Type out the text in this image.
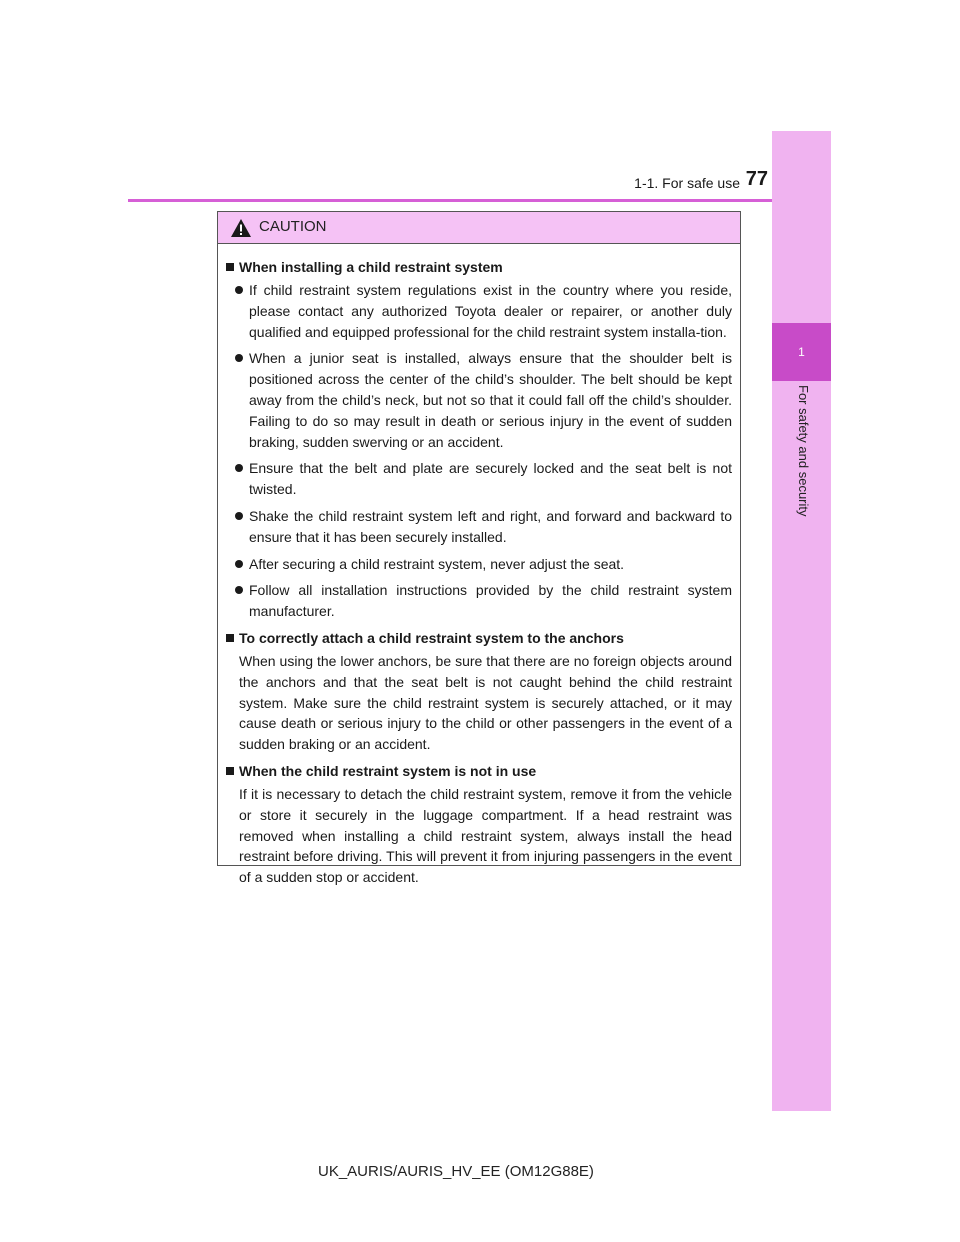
1-1. For safe use 77
1
For safety and security
CAUTION
When installing a child restraint system
If child restraint system regulations exist in the country where you reside, please contact any authorized Toyota dealer or repairer, or another duly qualified and equipped professional for the child restraint system installa-tion.
When a junior seat is installed, always ensure that the shoulder belt is positioned across the center of the child’s shoulder. The belt should be kept away from the child’s neck, but not so that it could fall off the child’s shoulder. Failing to do so may result in death or serious injury in the event of sudden braking, sudden swerving or an accident.
Ensure that the belt and plate are securely locked and the seat belt is not twisted.
Shake the child restraint system left and right, and forward and backward to ensure that it has been securely installed.
After securing a child restraint system, never adjust the seat.
Follow all installation instructions provided by the child restraint system manufacturer.
To correctly attach a child restraint system to the anchors
When using the lower anchors, be sure that there are no foreign objects around the anchors and that the seat belt is not caught behind the child restraint system. Make sure the child restraint system is securely attached, or it may cause death or serious injury to the child or other passengers in the event of a sudden braking or an accident.
When the child restraint system is not in use
If it is necessary to detach the child restraint system, remove it from the vehicle or store it securely in the luggage compartment. If a head restraint was removed when installing a child restraint system, always install the head restraint before driving. This will prevent it from injuring passengers in the event of a sudden stop or accident.
UK_AURIS/AURIS_HV_EE (OM12G88E)
